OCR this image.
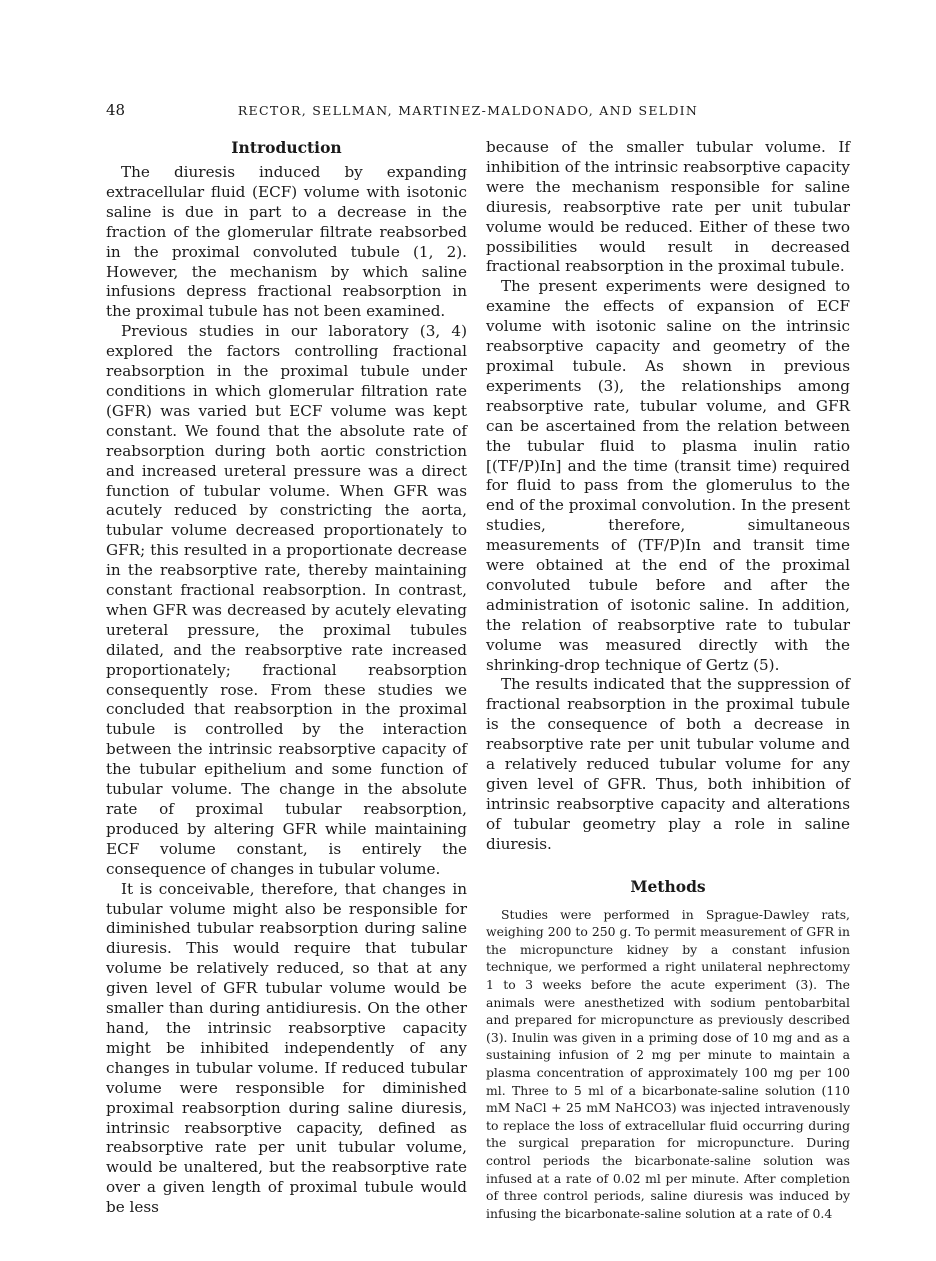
48	RECTOR, SELLMAN, MARTINEZ-MALDONADO, AND SELDIN
Introduction

The diuresis induced by expanding extracellular fluid (ECF) volume with isotonic saline is due in part to a decrease in the fraction of the glomerular filtrate reabsorbed in the proximal convoluted tubule (1, 2). However, the mechanism by which saline infusions depress fractional reabsorption in the proximal tubule has not been examined.

Previous studies in our laboratory (3, 4) explored the factors controlling fractional reabsorption in the proximal tubule under conditions in which glomerular filtration rate (GFR) was varied but ECF volume was kept constant. We found that the absolute rate of reabsorption during both aortic constriction and increased ureteral pressure was a direct function of tubular volume. When GFR was acutely reduced by constricting the aorta, tubular volume decreased proportionately to GFR; this resulted in a proportionate decrease in the reabsorptive rate, thereby maintaining constant fractional reabsorption. In contrast, when GFR was decreased by acutely elevating ureteral pressure, the proximal tubules dilated, and the reabsorptive rate increased proportionately; fractional reabsorption consequently rose. From these studies we concluded that reabsorption in the proximal tubule is controlled by the interaction between the intrinsic reabsorptive capacity of the tubular epithelium and some function of tubular volume. The change in the absolute rate of proximal tubular reabsorption, produced by altering GFR while maintaining ECF volume constant, is entirely the consequence of changes in tubular volume.

It is conceivable, therefore, that changes in tubular volume might also be responsible for diminished tubular reabsorption during saline diuresis. This would require that tubular volume be relatively reduced, so that at any given level of GFR tubular volume would be smaller than during antidiuresis. On the other hand, the intrinsic reabsorptive capacity might be inhibited independently of any changes in tubular volume. If reduced tubular volume were responsible for diminished proximal reabsorption during saline diuresis, intrinsic reabsorptive capacity, defined as reabsorptive rate per unit tubular volume, would be unaltered, but the reabsorptive rate over a given length of proximal tubule would be less

because of the smaller tubular volume. If inhibition of the intrinsic reabsorptive capacity were the mechanism responsible for saline diuresis, reabsorptive rate per unit tubular volume would be reduced. Either of these two possibilities would result in decreased fractional reabsorption in the proximal tubule.

The present experiments were designed to examine the effects of expansion of ECF volume with isotonic saline on the intrinsic reabsorptive capacity and geometry of the proximal tubule. As shown in previous experiments (3), the relationships among reabsorptive rate, tubular volume, and GFR can be ascertained from the relation between the tubular fluid to plasma inulin ratio [(TF/P)In] and the time (transit time) required for fluid to pass from the glomerulus to the end of the proximal convolution. In the present studies, therefore, simultaneous measurements of (TF/P)In and transit time were obtained at the end of the proximal convoluted tubule before and after the administration of isotonic saline. In addition, the relation of reabsorptive rate to tubular volume was measured directly with the shrinking-drop technique of Gertz (5).

The results indicated that the suppression of fractional reabsorption in the proximal tubule is the consequence of both a decrease in reabsorptive rate per unit tubular volume and a relatively reduced tubular volume for any given level of GFR. Thus, both inhibition of intrinsic reabsorptive capacity and alterations of tubular geometry play a role in saline diuresis.

Methods

Studies were performed in Sprague-Dawley rats, weighing 200 to 250 g. To permit measurement of GFR in the micropuncture kidney by a constant infusion technique, we performed a right unilateral nephrectomy 1 to 3 weeks before the acute experiment (3). The animals were anesthetized with sodium pentobarbital and prepared for micropuncture as previously described (3). Inulin was given in a priming dose of 10 mg and as a sustaining infusion of 2 mg per minute to maintain a plasma concentration of approximately 100 mg per 100 ml. Three to 5 ml of a bicarbonate-saline solution (110 mM NaCl + 25 mM NaHCO3) was injected intravenously to replace the loss of extracellular fluid occurring during the surgical preparation for micropuncture. During control periods the bicarbonate-saline solution was infused at a rate of 0.02 ml per minute. After completion of three control periods, saline diuresis was induced by infusing the bicarbonate-saline solution at a rate of 0.4
